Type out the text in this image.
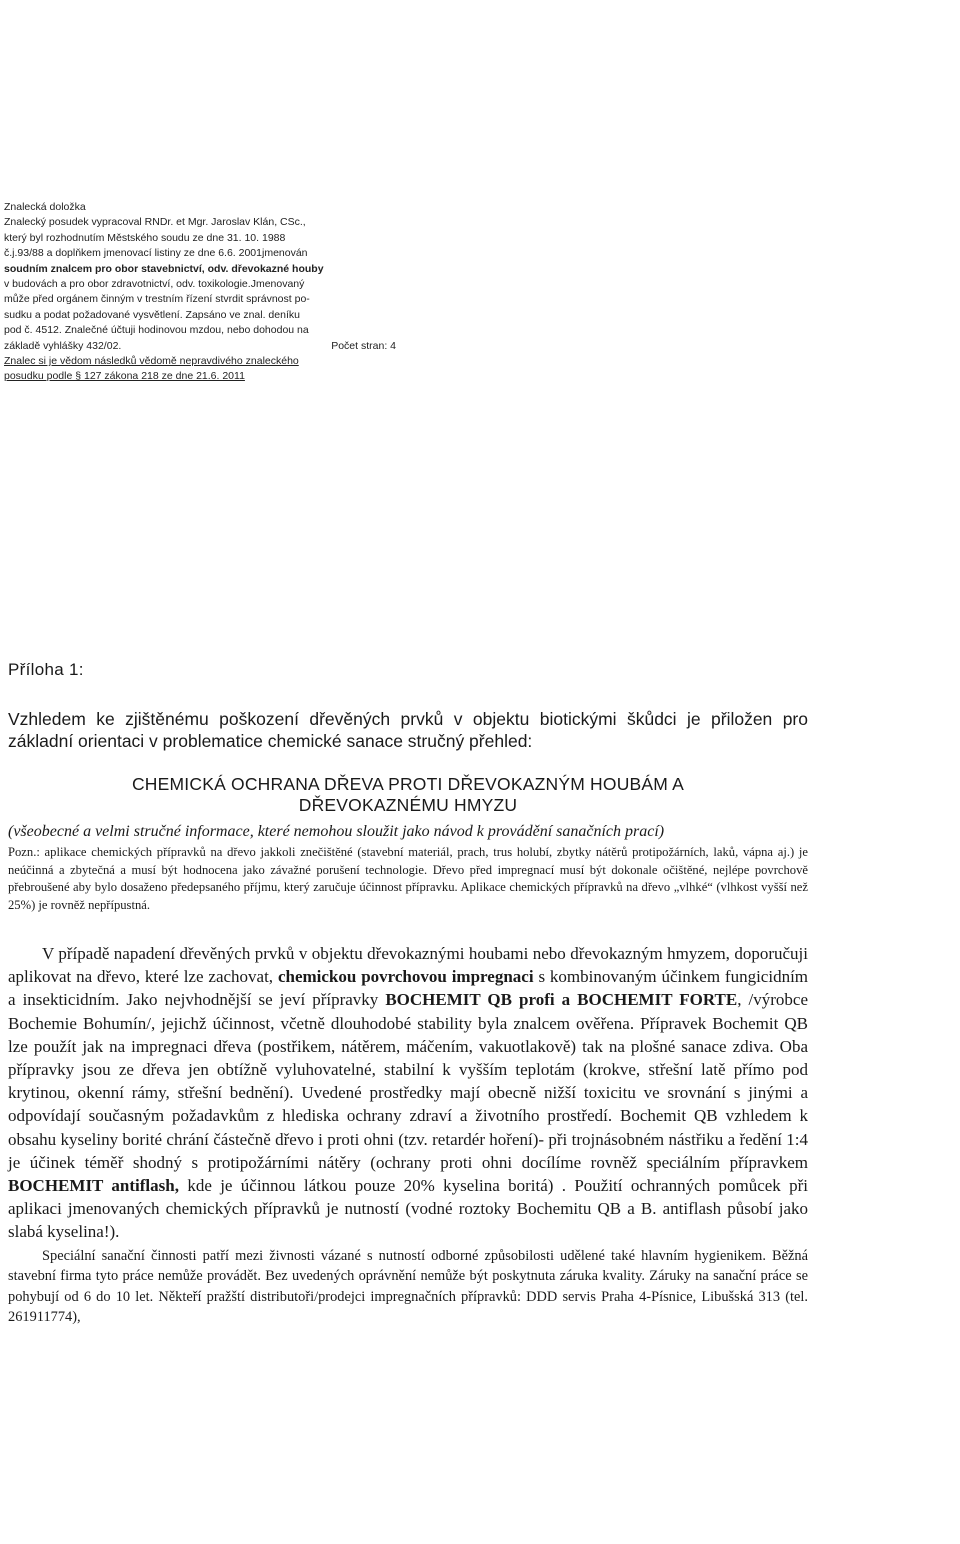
Znalecká doložka
Znalecký posudek vypracoval RNDr. et Mgr. Jaroslav Klán, CSc.,
který byl rozhodnutím Městského soudu ze dne 31. 10. 1988
č.j.93/88 a doplňkem jmenovací listiny ze dne 6.6. 2001jmenován
soudním znalcem pro obor stavebnictví, odv. dřevokazné houby
v budovách a pro obor zdravotnictví, odv. toxikologie.Jmenovaný
může před orgánem činným v trestním řízení stvrdit správnost po-
sudku a podat požadované vysvětlení. Zapsáno ve znal. deníku
pod č. 4512. Znalečné účtuji hodinovou mzdou, nebo dohodou na
základě vyhlášky 432/02.	Počet stran: 4
Znalec si je vědom následků vědomě nepravdivého znaleckého
posudku podle § 127 zákona 218 ze dne 21.6. 2011

Příloha 1:

Vzhledem ke zjištěnému poškození dřevěných prvků v objektu biotickými škůdci je přiložen pro základní orientaci v problematice chemické sanace stručný přehled:

CHEMICKÁ OCHRANA DŘEVA PROTI DŘEVOKAZNÝM HOUBÁM A
DŘEVOKAZNÉMU HMYZU

(všeobecné a velmi stručné informace, které nemohou sloužit jako návod k provádění sanačních prací)

Pozn.: aplikace chemických přípravků na dřevo jakkoli znečištěné (stavební materiál, prach, trus holubí, zbytky nátěrů protipožárních, laků, vápna aj.) je neúčinná a zbytečná a musí být hodnocena jako závažné porušení technologie. Dřevo před impregnací musí být dokonale očištěné, nejlépe povrchově přebroušené aby bylo dosaženo předepsaného příjmu, který zaručuje účinnost přípravku. Aplikace chemických přípravků na dřevo „vlhké“ (vlhkost vyšší než 25%) je rovněž nepřípustná.

V případě napadení dřevěných prvků v objektu dřevokaznými houbami nebo dřevokazným hmyzem, doporučuji aplikovat na dřevo, které lze zachovat, chemickou povrchovou impregnaci s kombinovaným účinkem fungicidním a insekticidním. Jako nejvhodnější se jeví přípravky BOCHEMIT QB profi a BOCHEMIT FORTE, /výrobce Bochemie Bohumín/, jejichž účinnost, včetně dlouhodobé stability byla znalcem ověřena. Přípravek Bochemit QB lze použít jak na impregnaci dřeva (postřikem, nátěrem, máčením, vakuotlakově) tak na plošné sanace zdiva. Oba přípravky jsou ze dřeva jen obtížně vyluhovatelné, stabilní k vyšším teplotám (krokve, střešní latě přímo pod krytinou, okenní rámy, střešní bednění). Uvedené prostředky mají obecně nižší toxicitu ve srovnání s jinými a odpovídají současným požadavkům z hlediska ochrany zdraví a životního prostředí. Bochemit QB vzhledem k obsahu kyseliny borité chrání částečně dřevo i proti ohni (tzv. retardér hoření)- při trojnásobném nástřiku a ředění 1:4 je účinek téměř shodný s protipožárními nátěry (ochrany proti ohni docílíme rovněž speciálním přípravkem BOCHEMIT antiflash, kde je účinnou látkou pouze 20% kyselina boritá) . Použití ochranných pomůcek při aplikaci jmenovaných chemických přípravků je nutností (vodné roztoky Bochemitu QB a B. antiflash působí jako slabá kyselina!).

Speciální sanační činnosti patří mezi živnosti vázané s nutností odborné způsobilosti udělené také hlavním hygienikem. Běžná stavební firma tyto práce nemůže provádět. Bez uvedených oprávnění nemůže být poskytnuta záruka kvality. Záruky na sanační práce se pohybují od 6 do 10 let. Někteří pražští distributoři/prodejci impregnačních přípravků: DDD servis Praha 4-Písnice, Libušská 313 (tel. 261911774),
